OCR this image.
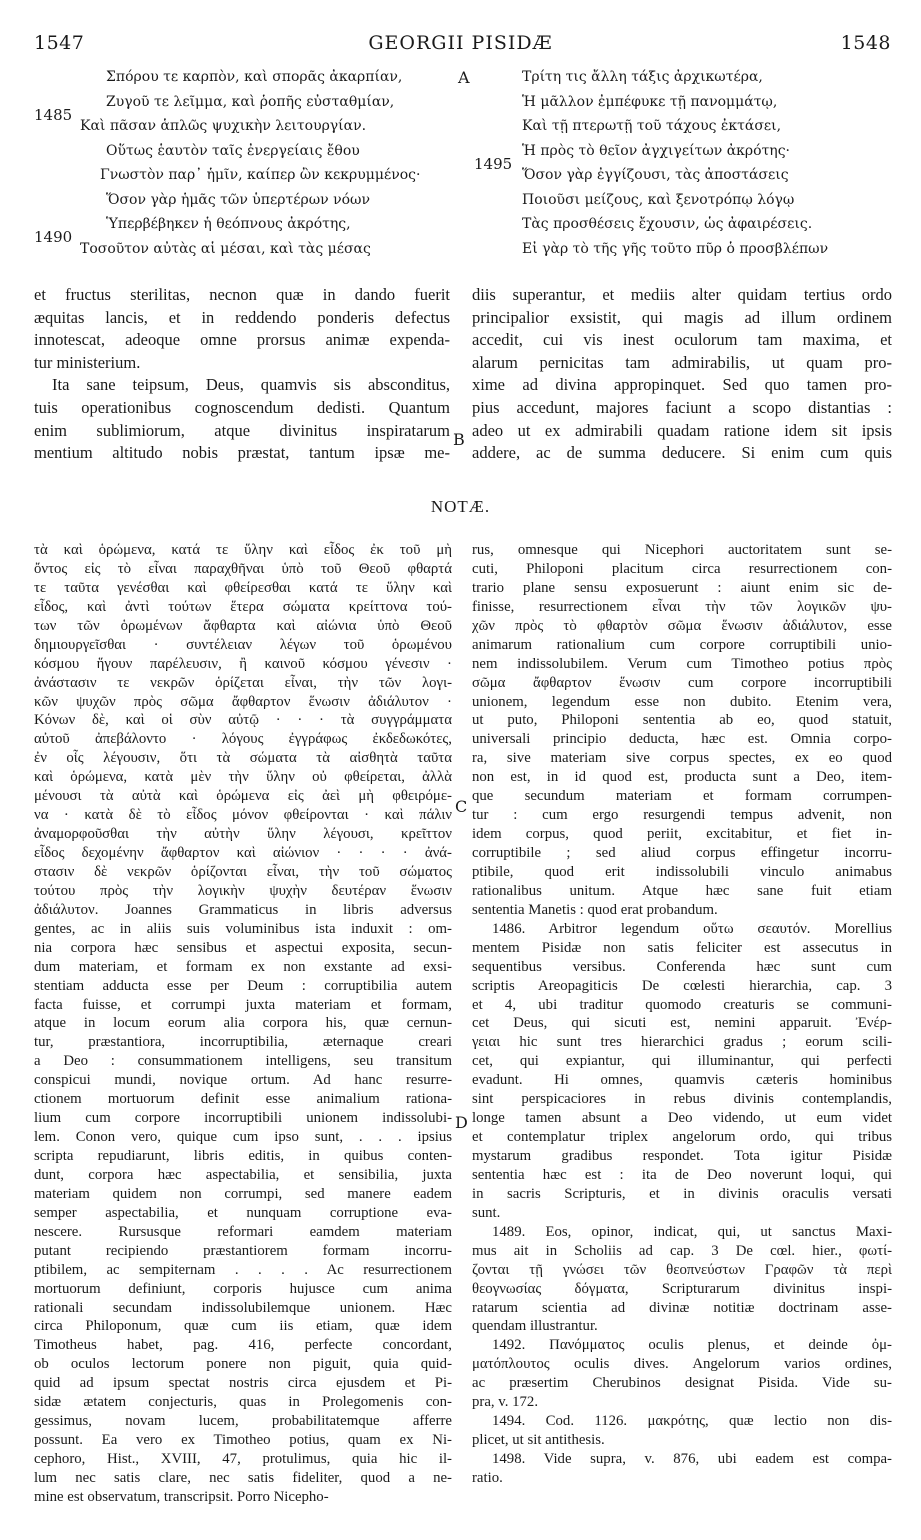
1547	GEORGII PISIDÆ	1548
Σπόρου τε καρπὸν, καὶ σπορᾶς ἀκαρπίαν,
Ζυγοῦ τε λεῖμμα, καὶ ῥοπῆς εὐσταθμίαν,
Καὶ πᾶσαν ἁπλῶς ψυχικὴν λειτουργίαν.
Οὕτως ἑαυτὸν ταῖς ἐνεργείαις ἔθου
Γνωστὸν παρ᾽ ἡμῖν, καίπερ ὢν κεκρυμμένος·
Ὅσον γὰρ ἡμᾶς τῶν ὑπερτέρων νόων
Ὑπερβέβηκεν ἡ θεόπνους ἀκρότης,
Τοσοῦτον αὐτὰς αἱ μέσαι, καὶ τὰς μέσας
Τρίτη τις ἄλλη τάξις ἀρχικωτέρα,
Ἡ μᾶλλον ἐμπέφυκε τῇ πανομμάτῳ,
Καὶ τῇ πτερωτῇ τοῦ τάχους ἐκτάσει,
Ἡ πρὸς τὸ θεῖον ἀγχιγείτων ἀκρότης·
Ὅσον γὰρ ἐγγίζουσι, τὰς ἀποστάσεις
Ποιοῦσι μείζους, καὶ ξενοτρόπῳ λόγῳ
Τὰς προσθέσεις ἔχουσιν, ὡς ἀφαιρέσεις.
Εἰ γὰρ τὸ τῆς γῆς τοῦτο πῦρ ὁ προσβλέπων
1485
1490
1495
A
B
C
D
et fructus sterilitas, necnon quæ in dando fuerit
æquitas lancis, et in reddendo ponderis defectus
innotescat, adeoque omne prorsus animæ expenda-
tur ministerium.
Ita sane teipsum, Deus, quamvis sis absconditus,
tuis operationibus cognoscendum dedisti. Quantum
enim sublimiorum, atque divinitus inspiratarum
mentium altitudo nobis præstat, tantum ipsæ me-
diis superantur, et mediis alter quidam tertius ordo
principalior exsistit, qui magis ad illum ordinem
accedit, cui vis inest oculorum tam maxima, et
alarum pernicitas tam admirabilis, ut quam pro-
xime ad divina appropinquet. Sed quo tamen pro-
pius accedunt, majores faciunt a scopo distantias :
adeo ut ex admirabili quadam ratione idem sit ipsis
addere, ac de summa deducere. Si enim cum quis
NOTÆ.
τὰ καὶ ὁρώμενα, κατά τε ὕλην καὶ εἶδος ἐκ τοῦ μὴ
ὄντος εἰς τὸ εἶναι παραχθῆναι ὑπὸ τοῦ Θεοῦ φθαρτά
τε ταῦτα γενέσθαι καὶ φθείρεσθαι κατά τε ὕλην καὶ
εἶδος, καὶ ἀντὶ τούτων ἕτερα σώματα κρείττονα τού-
των τῶν ὁρωμένων ἄφθαρτα καὶ αἰώνια ὑπὸ Θεοῦ
δημιουργεῖσθαι · συντέλειαν λέγων τοῦ ὁρωμένου
κόσμου ἥγουν παρέλευσιν, ἢ καινοῦ κόσμου γένεσιν ·
ἀνάστασιν τε νεκρῶν ὁρίζεται εἶναι, τὴν τῶν λογι-
κῶν ψυχῶν πρὸς σῶμα ἄφθαρτον ἕνωσιν ἀδιάλυτον ·
Κόνων δὲ, καὶ οἱ σὺν αὐτῷ · · · τὰ συγγράμματα
αὐτοῦ ἀπεβάλοντο · λόγους ἐγγράφως ἐκδεδωκότες,
ἐν οἷς λέγουσιν, ὅτι τὰ σώματα τὰ αἰσθητὰ ταῦτα
καὶ ὁρώμενα, κατὰ μὲν τὴν ὕλην οὐ φθείρεται, ἀλλὰ
μένουσι τὰ αὐτὰ καὶ ὁρώμενα εἰς ἀεὶ μὴ φθειρόμε-
να · κατὰ δὲ τὸ εἶδος μόνον φθείρονται · καὶ πάλιν
ἀναμορφοῦσθαι τὴν αὐτὴν ὕλην λέγουσι, κρεῖττον
εἶδος δεχομένην ἄφθαρτον καὶ αἰώνιον · · · · ἀνά-
στασιν δὲ νεκρῶν ὁρίζονται εἶναι, τὴν τοῦ σώματος
τούτου πρὸς τὴν λογικὴν ψυχὴν δευτέραν ἕνωσιν
ἀδιάλυτον. Joannes Grammaticus in libris adversus
gentes, ac in aliis suis voluminibus ista induxit : om-
nia corpora hæc sensibus et aspectui exposita, secun-
dum materiam, et formam ex non exstante ad exsi-
stentiam adducta esse per Deum : corruptibilia autem
facta fuisse, et corrumpi juxta materiam et formam,
atque in locum eorum alia corpora his, quæ cernun-
tur, præstantiora, incorruptibilia, æternaque creari
a Deo : consummationem intelligens, seu transitum
conspicui mundi, novique ortum. Ad hanc resurre-
ctionem mortuorum definit esse animalium rationa-
lium cum corpore incorruptibili unionem indissolubi-
lem. Conon vero, quique cum ipso sunt, . . . ipsius
scripta repudiarunt, libris editis, in quibus conten-
dunt, corpora hæc aspectabilia, et sensibilia, juxta
materiam quidem non corrumpi, sed manere eadem
semper aspectabilia, et nunquam corruptione eva-
nescere. Rursusque reformari eamdem materiam
putant recipiendo præstantiorem formam incorru-
ptibilem, ac sempiternam . . . . Ac resurrectionem
mortuorum definiunt, corporis hujusce cum anima
rationali secundam indissolubilemque unionem. Hæc
circa Philoponum, quæ cum iis etiam, quæ idem
Timotheus habet, pag. 416, perfecte concordant,
ob oculos lectorum ponere non piguit, quia quid-
quid ad ipsum spectat nostris circa ejusdem et Pi-
sidæ ætatem conjecturis, quas in Prolegomenis con-
gessimus, novam lucem, probabilitatemque afferre
possunt. Ea vero ex Timotheo potius, quam ex Ni-
cephoro, Hist., XVIII, 47, protulimus, quia hic il-
lum nec satis clare, nec satis fideliter, quod a ne-
mine est observatum, transcripsit. Porro Nicepho-
rus, omnesque qui Nicephori auctoritatem sunt se-
cuti, Philoponi placitum circa resurrectionem con-
trario plane sensu exposuerunt : aiunt enim sic de-
finisse, resurrectionem εἶναι τὴν τῶν λογικῶν ψυ-
χῶν πρὸς τὸ φθαρτὸν σῶμα ἕνωσιν ἀδιάλυτον, esse
animarum rationalium cum corpore corruptibili unio-
nem indissolubilem. Verum cum Timotheo potius πρὸς
σῶμα ἄφθαρτον ἕνωσιν cum corpore incorruptibili
unionem, legendum esse non dubito. Etenim vera,
ut puto, Philoponi sententia ab eo, quod statuit,
universali principio deducta, hæc est. Omnia corpo-
ra, sive materiam sive corpus spectes, ex eo quod
non est, in id quod est, producta sunt a Deo, item-
que secundum materiam et formam corrumpen-
tur : cum ergo resurgendi tempus advenit, non
idem corpus, quod periit, excitabitur, et fiet in-
corruptibile ; sed aliud corpus effingetur incorru-
ptibile, quod erit indissolubili vinculo animabus
rationalibus unitum. Atque hæc sane fuit etiam
sententia Manetis : quod erat probandum.
1486. Arbitror legendum οὕτω σεαυτόν. Morellius
mentem Pisidæ non satis feliciter est assecutus in
sequentibus versibus. Conferenda hæc sunt cum
scriptis Areopagiticis De cœlesti hierarchia, cap. 3
et 4, ubi traditur quomodo creaturis se communi-
cet Deus, qui sicuti est, nemini apparuit. Ἐνέρ-
γειαι hic sunt tres hierarchici gradus ; eorum scili-
cet, qui expiantur, qui illuminantur, qui perfecti
evadunt. Hi omnes, quamvis cæteris hominibus
sint perspicaciores in rebus divinis contemplandis,
longe tamen absunt a Deo videndo, ut eum videt
et contemplatur triplex angelorum ordo, qui tribus
mystarum gradibus respondet. Tota igitur Pisidæ
sententia hæc est : ita de Deo noverunt loqui, qui
in sacris Scripturis, et in divinis oraculis versati
sunt.
1489. Eos, opinor, indicat, qui, ut sanctus Maxi-
mus ait in Scholiis ad cap. 3 De cœl. hier., φωτί-
ζονται τῇ γνώσει τῶν θεοπνεύστων Γραφῶν τὰ περὶ
θεογνωσίας δόγματα, Scripturarum divinitus inspi-
ratarum scientia ad divinæ notitiæ doctrinam asse-
quendam illustrantur.
1492. Πανόμματος oculis plenus, et deinde ὀμ-
ματόπλουτος oculis dives. Angelorum varios ordines,
ac præsertim Cherubinos designat Pisida. Vide su-
pra, v. 172.
1494. Cod. 1126. μακρότης, quæ lectio non dis-
plicet, ut sit antithesis.
1498. Vide supra, v. 876, ubi eadem est compa-
ratio.
